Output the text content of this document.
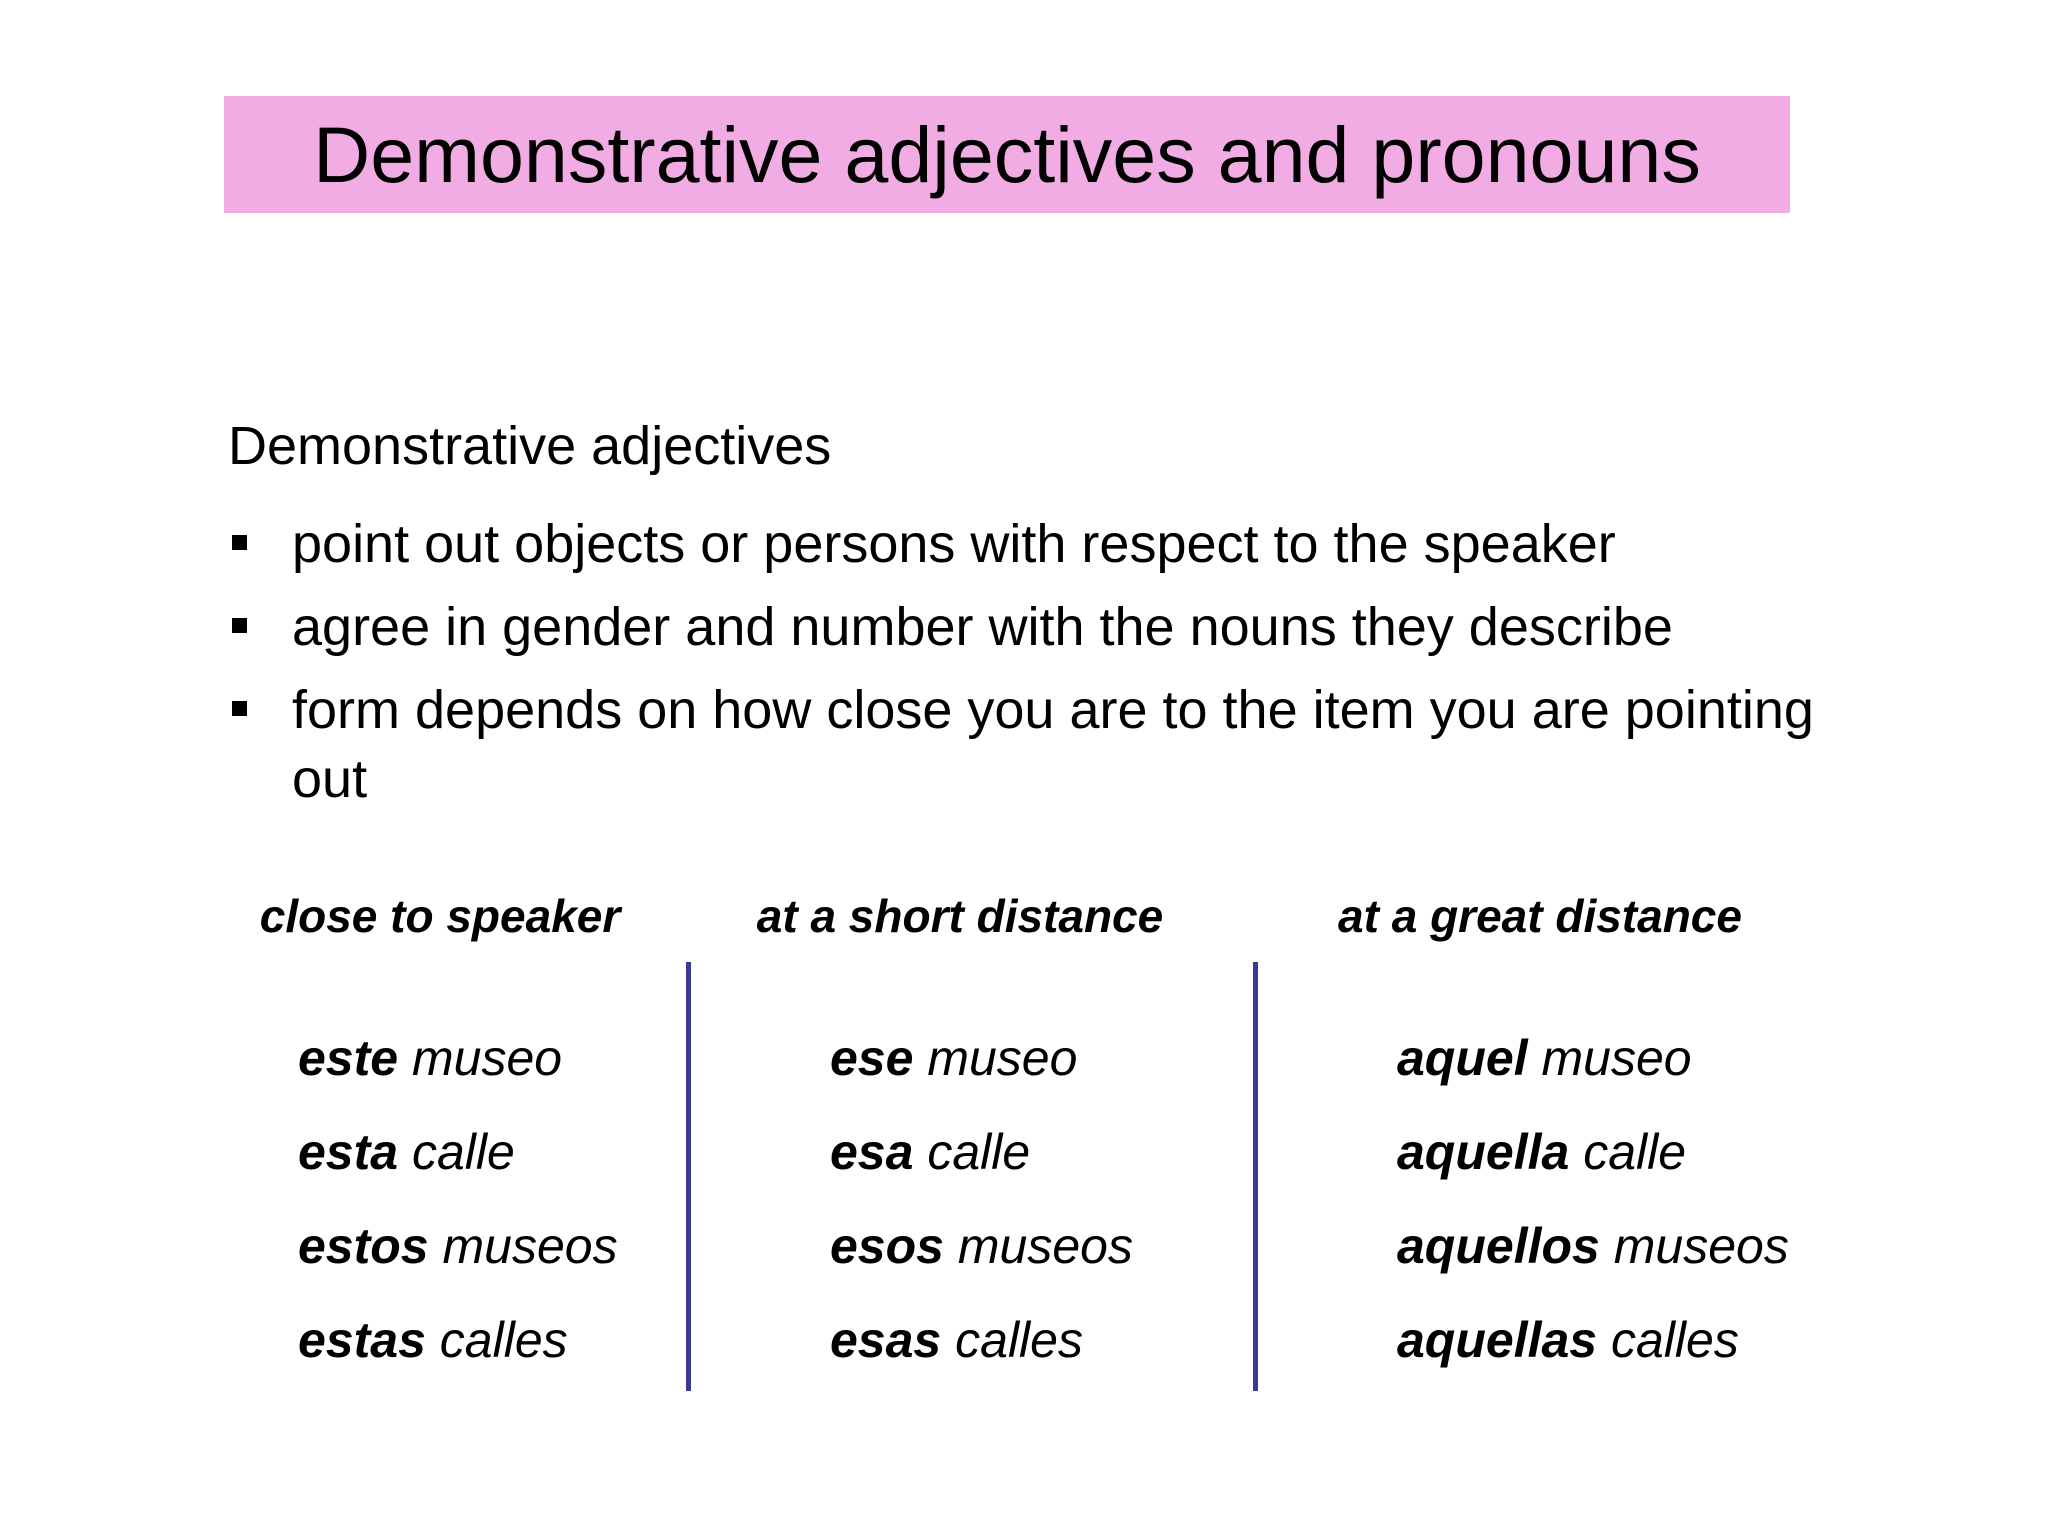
Demonstrative adjectives and pronouns
Demonstrative adjectives
point out objects or persons with respect to the speaker
agree in gender and number with the nouns they describe
form depends on how close you are to the item you are pointing out
close to speaker	at a short distance	at a great distance
este museo
esta calle
estos museos
estas calles
ese museo
esa calle
esos museos
esas calles
aquel museo
aquella calle
aquellos museos
aquellas calles
